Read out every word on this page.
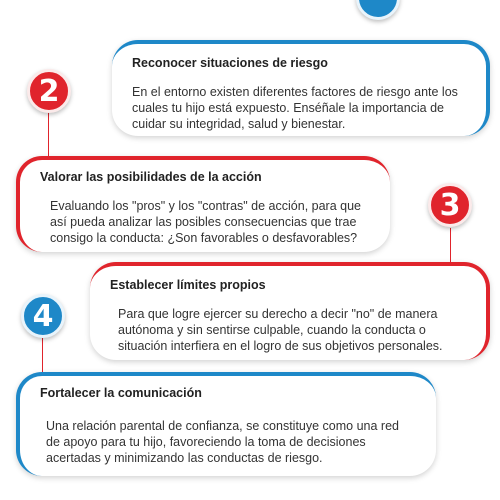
Reconocer situaciones de riesgo

En el entorno existen diferentes factores de riesgo ante los cuales tu hijo está expuesto. Enséñale la importancia de cuidar su integridad, salud y bienestar.

2
Valorar las posibilidades de la acción

Evaluando los "pros" y los "contras" de acción, para que así pueda analizar las posibles consecuencias que trae consigo la conducta: ¿Son favorables o desfavorables?

3
Establecer límites propios

Para que logre ejercer su derecho a decir "no" de manera autónoma y sin sentirse culpable, cuando la conducta o situación interfiera en el logro de sus objetivos personales.

4
Fortalecer la comunicación

Una relación parental de confianza, se constituye como una red de apoyo para tu hijo, favoreciendo la toma de decisiones acertadas y minimizando las conductas de riesgo.
